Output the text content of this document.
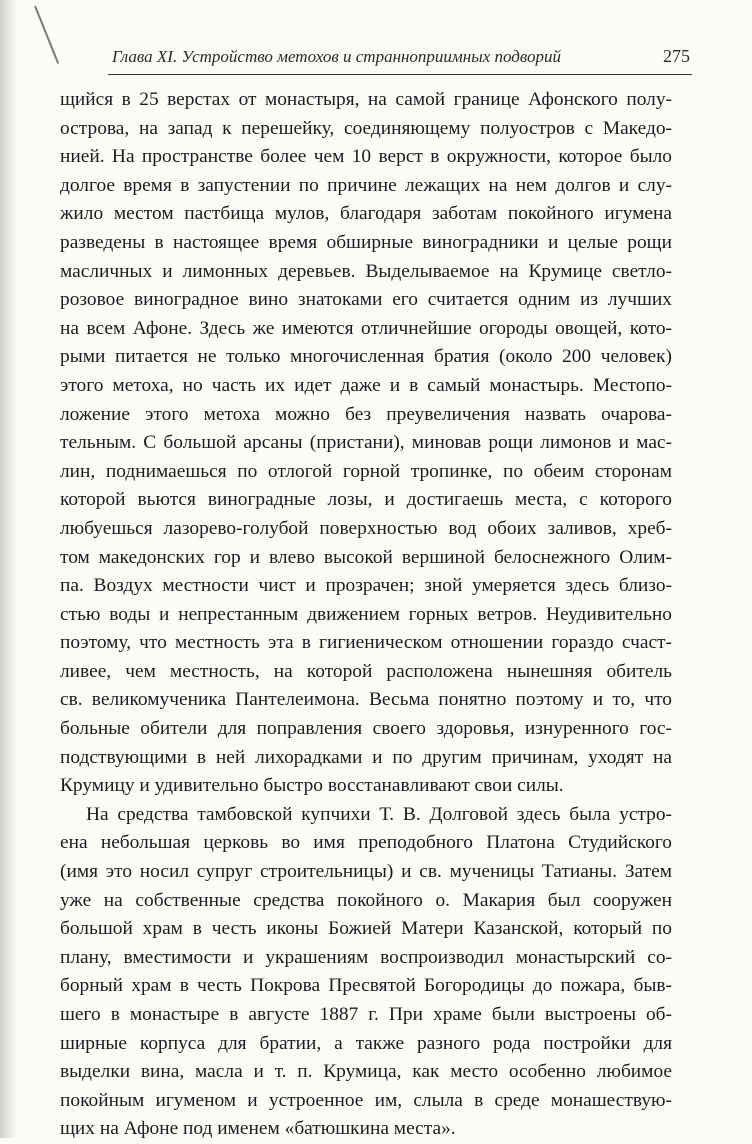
Глава XI. Устройство метохов и странноприимных подворий	275
щийся в 25 верстах от монастыря, на самой границе Афонского полу-
острова, на запад к перешейку, соединяющему полуостров с Македо-
нией. На пространстве более чем 10 верст в окружности, которое было
долгое время в запустении по причине лежащих на нем долгов и слу-
жило местом пастбища мулов, благодаря заботам покойного игумена
разведены в настоящее время обширные виноградники и целые рощи
масличных и лимонных деревьев. Выделываемое на Крумице светло-
розовое виноградное вино знатоками его считается одним из лучших
на всем Афоне. Здесь же имеются отличнейшие огороды овощей, кото-
рыми питается не только многочисленная братия (около 200 человек)
этого метоха, но часть их идет даже и в самый монастырь. Местопо-
ложение этого метоха можно без преувеличения назвать очарова-
тельным. С большой арсаны (пристани), миновав рощи лимонов и мас-
лин, поднимаешься по отлогой горной тропинке, по обеим сторонам
которой вьются виноградные лозы, и достигаешь места, с которого
любуешься лазорево-голубой поверхностью вод обоих заливов, хреб-
том македонских гор и влево высокой вершиной белоснежного Олим-
па. Воздух местности чист и прозрачен; зной умеряется здесь близо-
стью воды и непрестанным движением горных ветров. Неудивительно
поэтому, что местность эта в гигиеническом отношении гораздо счаст-
ливее, чем местность, на которой расположена нынешняя обитель
св. великомученика Пантелеимона. Весьма понятно поэтому и то, что
больные обители для поправления своего здоровья, изнуренного гос-
подствующими в ней лихорадками и по другим причинам, уходят на
Крумицу и удивительно быстро восстанавливают свои силы.
На средства тамбовской купчихи Т. В. Долговой здесь была устро-
ена небольшая церковь во имя преподобного Платона Студийского
(имя это носил супруг строительницы) и св. мученицы Татианы. Затем
уже на собственные средства покойного о. Макария был сооружен
большой храм в честь иконы Божией Матери Казанской, который по
плану, вместимости и украшениям воспроизводил монастырский со-
борный храм в честь Покрова Пресвятой Богородицы до пожара, быв-
шего в монастыре в августе 1887 г. При храме были выстроены об-
ширные корпуса для братии, а также разного рода постройки для
выделки вина, масла и т. п. Крумица, как место особенно любимое
покойным игуменом и устроенное им, слыла в среде монашествую-
щих на Афоне под именем «батюшкина места».
